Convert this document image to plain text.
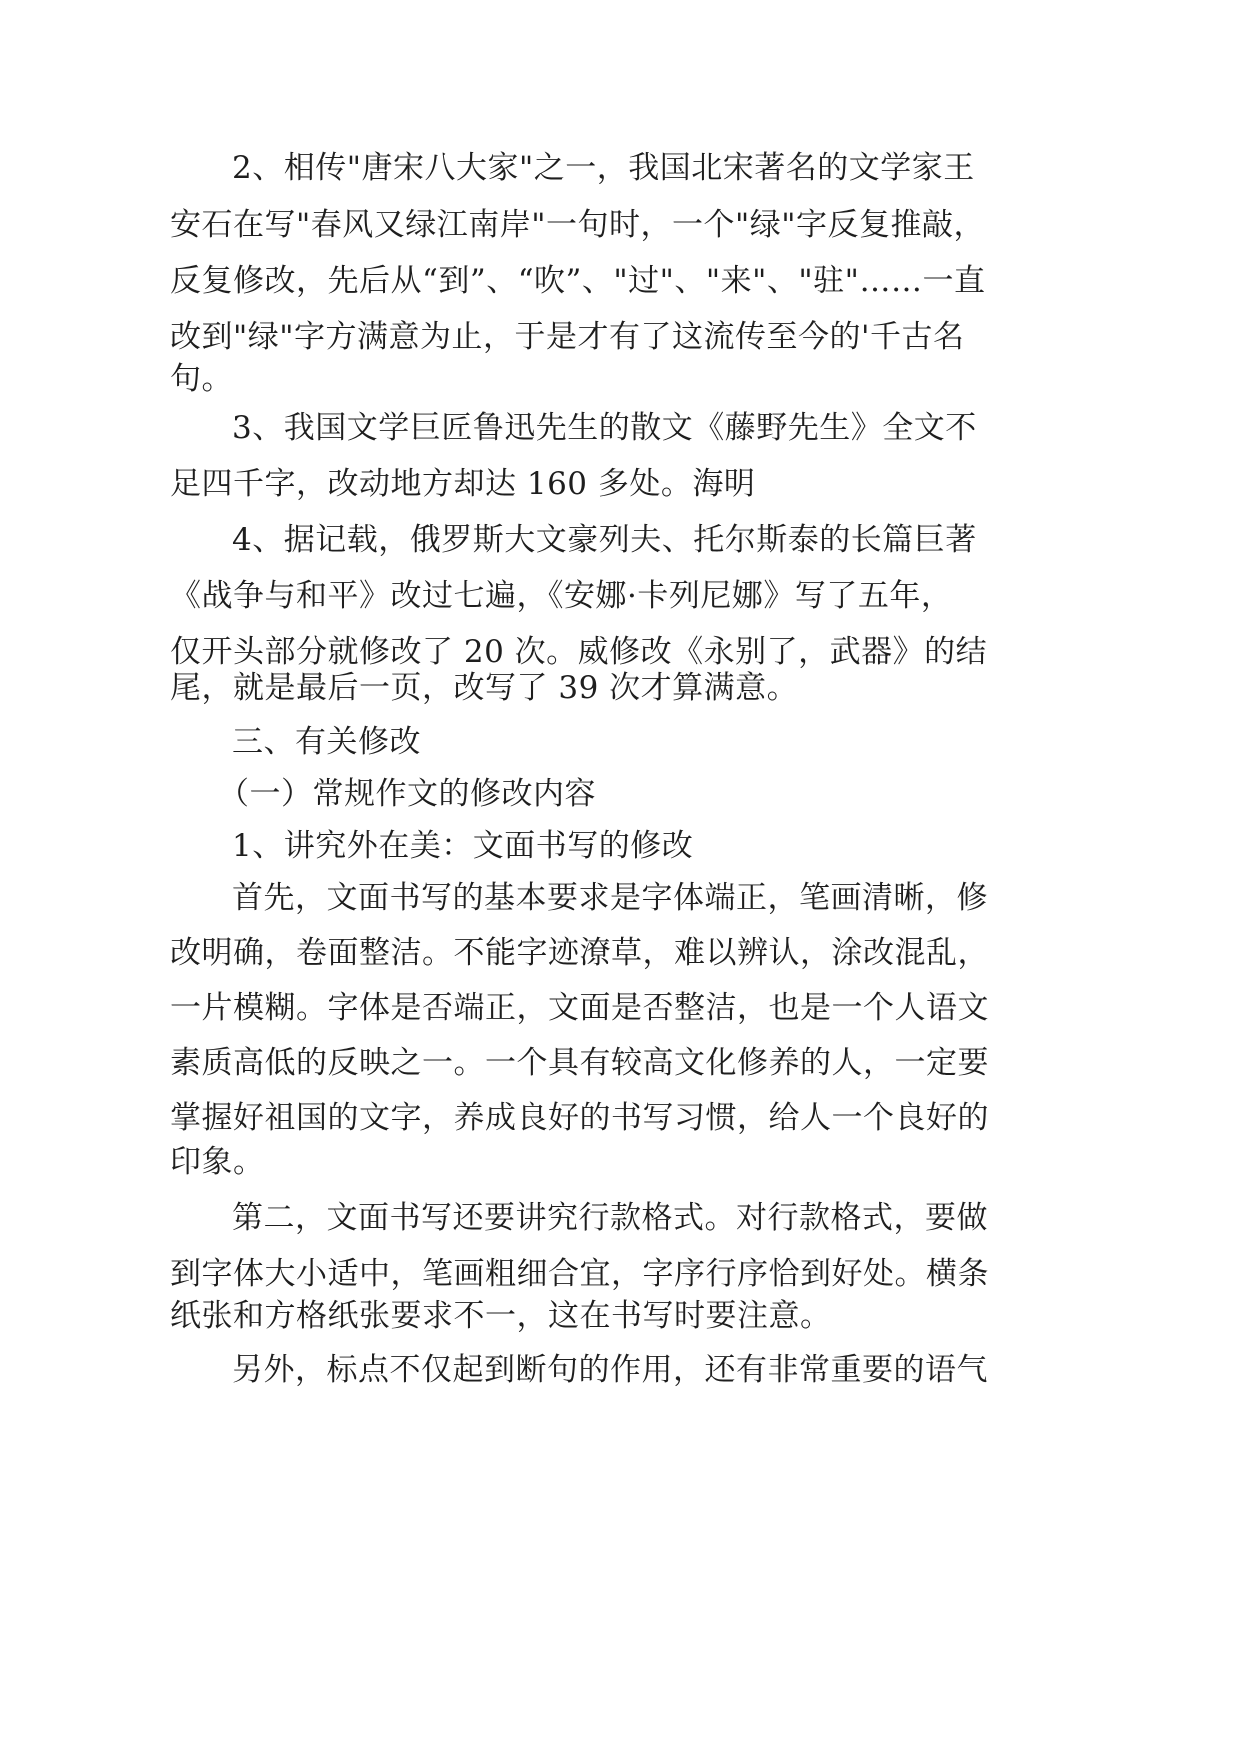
2、相传"唐宋八大家"之一，我国北宋著名的文学家王
安石在写"春风又绿江南岸"一句时，一个"绿"字反复推敲，
反复修改，先后从“到”、“吹”、"过"、"来"、"驻"……一直
改到"绿"字方满意为止，于是才有了这流传至今的'千古名
句。
3、我国文学巨匠鲁迅先生的散文《藤野先生》全文不
足四千字，改动地方却达 160 多处。海明
4、据记载，俄罗斯大文豪列夫、托尔斯泰的长篇巨著
《战争与和平》改过七遍，《安娜·卡列尼娜》写了五年，
仅开头部分就修改了 20 次。威修改《永别了，武器》的结
尾，就是最后一页，改写了 39 次才算满意。
三、有关修改
（一）常规作文的修改内容
1、讲究外在美：文面书写的修改
首先，文面书写的基本要求是字体端正，笔画清晰，修
改明确，卷面整洁。不能字迹潦草，难以辨认，涂改混乱，
一片模糊。字体是否端正，文面是否整洁，也是一个人语文
素质高低的反映之一。一个具有较高文化修养的人，一定要
掌握好祖国的文字，养成良好的书写习惯，给人一个良好的
印象。
第二，文面书写还要讲究行款格式。对行款格式，要做
到字体大小适中，笔画粗细合宜，字序行序恰到好处。横条
纸张和方格纸张要求不一，这在书写时要注意。
另外，标点不仅起到断句的作用，还有非常重要的语气
